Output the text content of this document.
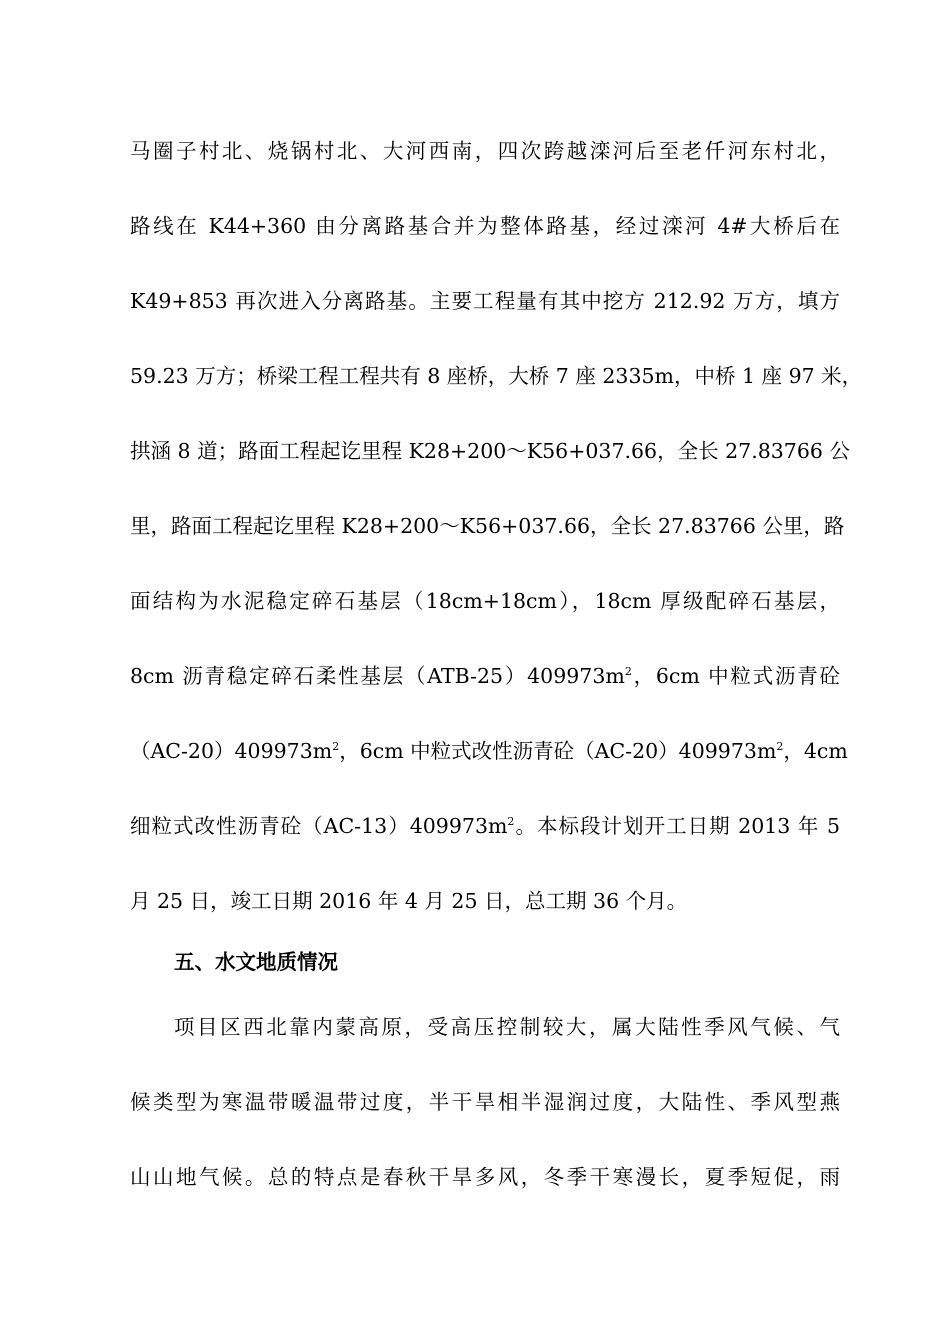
马圈子村北、烧锅村北、大河西南，四次跨越滦河后至老仟河东村北，
路线在 K44+360 由分离路基合并为整体路基，经过滦河 4#大桥后在
K49+853 再次进入分离路基。主要工程量有其中挖方 212.92 万方，填方
59.23 万方；桥梁工程工程共有 8 座桥，大桥 7 座 2335m，中桥 1 座 97 米，
拱涵 8 道；路面工程起讫里程 K28+200～K56+037.66，全长 27.83766 公
里，路面工程起讫里程 K28+200～K56+037.66，全长 27.83766 公里，路
面结构为水泥稳定碎石基层（18cm+18cm），18cm 厚级配碎石基层，
8cm 沥青稳定碎石柔性基层$(ATB-25)409973m^2$，6cm 中粒式沥青砼
$(AC-20)409973m^2$，6cm 中粒式改性沥青砼$(AC-20)409973m^2$，4cm
细粒式改性沥青砼$(AC-13)409973m^2$。本标段计划开工日期 2013 年 5
月 25 日，竣工日期 2016 年 4 月 25 日，总工期 36 个月。
五、水文地质情况
项目区西北靠内蒙高原，受高压控制较大，属大陆性季风气候、气
候类型为寒温带暖温带过度，半干旱相半湿润过度，大陆性、季风型燕
山山地气候。总的特点是春秋干旱多风，冬季干寒漫长，夏季短促，雨
